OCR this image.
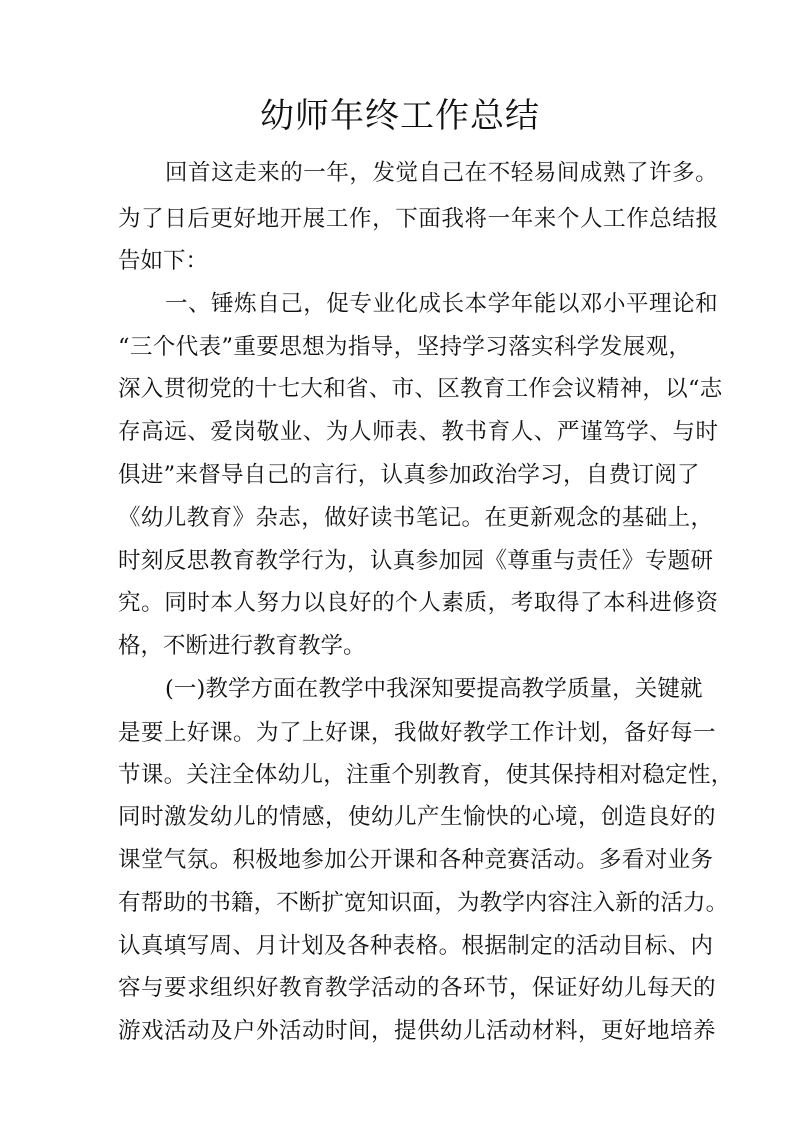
幼师年终工作总结

回首这走来的一年，发觉自己在不轻易间成熟了许多。

为了日后更好地开展工作，下面我将一年来个人工作总结报

告如下：

一、锤炼自己，促专业化成长本学年能以邓小平理论和

“三个代表”重要思想为指导，坚持学习落实科学发展观，

深入贯彻党的十七大和省、市、区教育工作会议精神，以“志

存高远、爱岗敬业、为人师表、教书育人、严谨笃学、与时

俱进”来督导自己的言行，认真参加政治学习，自费订阅了

《幼儿教育》杂志，做好读书笔记。在更新观念的基础上，

时刻反思教育教学行为，认真参加园《尊重与责任》专题研

究。同时本人努力以良好的个人素质，考取得了本科进修资

格，不断进行教育教学。

(一)教学方面在教学中我深知要提高教学质量，关键就

是要上好课。为了上好课，我做好教学工作计划，备好每一

节课。关注全体幼儿，注重个别教育，使其保持相对稳定性，

同时激发幼儿的情感，使幼儿产生愉快的心境，创造良好的

课堂气氛。积极地参加公开课和各种竞赛活动。多看对业务

有帮助的书籍，不断扩宽知识面，为教学内容注入新的活力。

认真填写周、月计划及各种表格。根据制定的活动目标、内

容与要求组织好教育教学活动的各环节，保证好幼儿每天的

游戏活动及户外活动时间，提供幼儿活动材料，更好地培养
